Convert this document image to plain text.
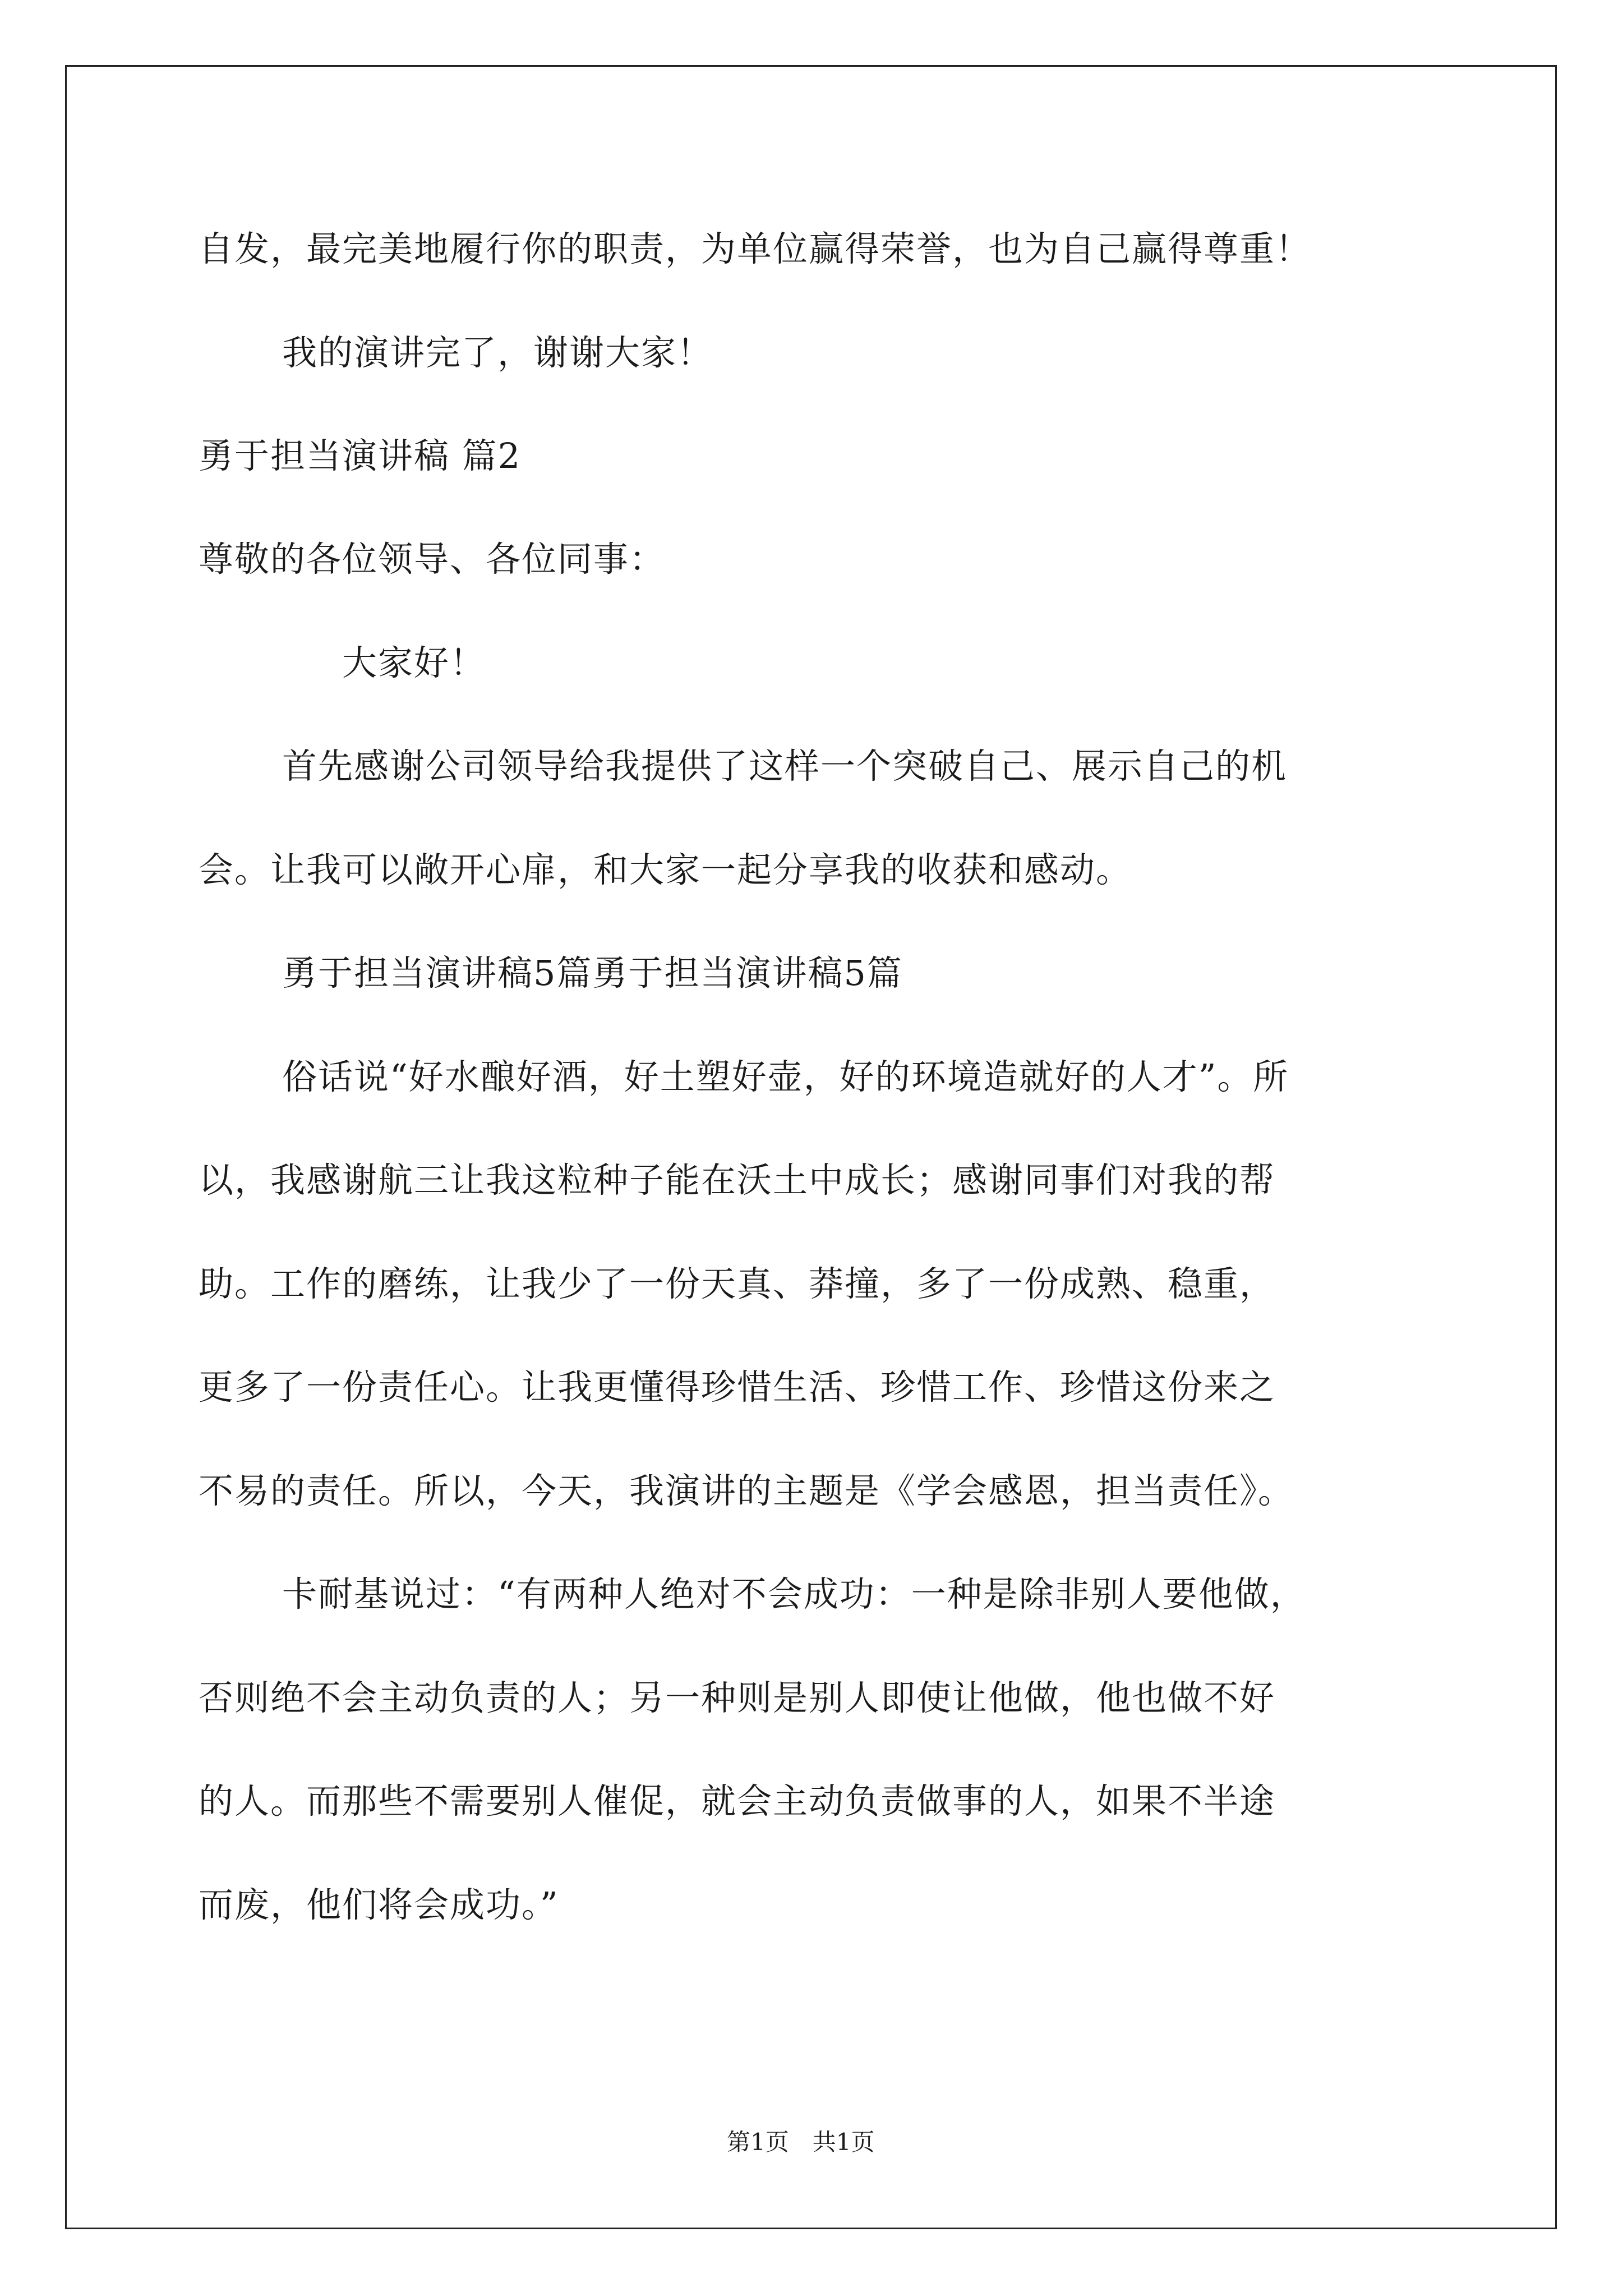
自发，最完美地履行你的职责，为单位赢得荣誉，也为自己赢得尊重！
我的演讲完了，谢谢大家！
勇于担当演讲稿 篇2
尊敬的各位领导、各位同事：
大家好！
首先感谢公司领导给我提供了这样一个突破自己、展示自己的机
会。让我可以敞开心扉，和大家一起分享我的收获和感动。
勇于担当演讲稿5篇勇于担当演讲稿5篇
俗话说“好水酿好酒，好土塑好壶，好的环境造就好的人才”。所
以，我感谢航三让我这粒种子能在沃土中成长；感谢同事们对我的帮
助。工作的磨练，让我少了一份天真、莽撞，多了一份成熟、稳重，
更多了一份责任心。让我更懂得珍惜生活、珍惜工作、珍惜这份来之
不易的责任。所以，今天，我演讲的主题是《学会感恩，担当责任》。
卡耐基说过：“有两种人绝对不会成功：一种是除非别人要他做，
否则绝不会主动负责的人；另一种则是别人即使让他做，他也做不好
的人。而那些不需要别人催促，就会主动负责做事的人，如果不半途
而废，他们将会成功。”
第1页　共1页
